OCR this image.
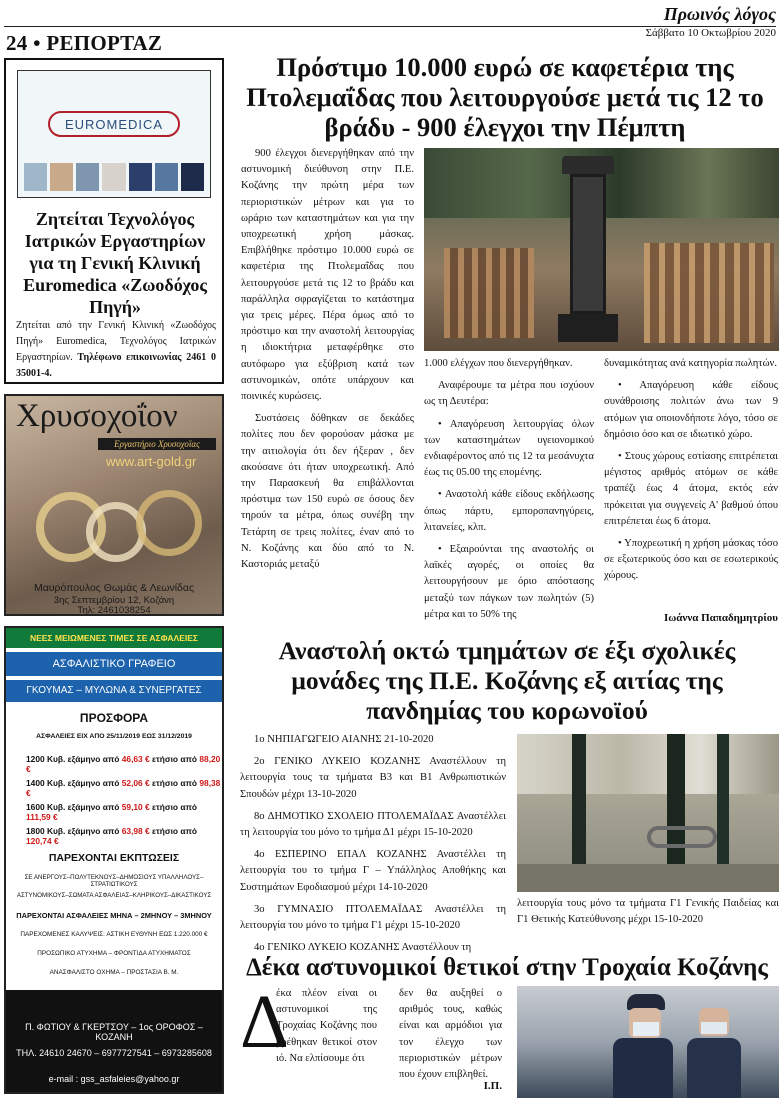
Πρωινός λόγος
Σάββατο 10 Οκτωβρίου 2020
24 • ΡΕΠΟΡΤΑΖ
EUROMEDICA
Ζητείται Τεχνολόγος Ιατρικών Εργαστηρίων για τη Γενική Κλινική Euromedica «Ζωοδόχος Πηγή»
Ζητείται από την Γενική Κλινική «Ζωοδόχος Πηγή» Euromedica, Τεχνολόγος Ιατρικών Εργαστηρίων. Τηλέφωνο επικοινωνίας 2461 0 35001-4.
Χρυσοχοΐον
Εργαστήριο Χρυσοχοΐας
www.art-gold.gr
Μαυρόπουλος Θωμάς & Λεωνίδας
3ης Σεπτεμβρίου 12, Κοζάνη
Τηλ: 2461038254
ΝΕΕΣ ΜΕΙΩΜΕΝΕΣ ΤΙΜΕΣ ΣΕ ΑΣΦΑΛΕΙΕΣ
ΑΣΦΑΛΙΣΤΙΚΟ ΓΡΑΦΕΙΟ
ΓΚΟΥΜΑΣ – ΜΥΛΩΝΑ & ΣΥΝΕΡΓΑΤΕΣ
ΠΡΟΣΦΟΡΑ
ΑΣΦΑΛΕΙΕΣ ΕΙΧ ΑΠΟ 25/11/2019 ΕΩΣ 31/12/2019
1200 Κυβ. εξάμηνο από 46,63 € ετήσιο από 88,20 €
1400 Κυβ. εξάμηνο από 52,06 € ετήσιο από 98,38 €
1600 Κυβ. εξάμηνο από 59,10 € ετήσιο από 111,59 €
1800 Κυβ. εξάμηνο από 63,98 € ετήσιο από 120,74 €
ΠΑΡΕΧΟΝΤΑΙ ΕΚΠΤΩΣΕΙΣ
ΣΕ ΑΝΕΡΓΟΥΣ–ΠΟΛΥΤΕΚΝΟΥΣ–ΔΗΜΟΣΙΟΥΣ ΥΠΑΛΛΗΛΟΥΣ–ΣΤΡΑΤΙΩΤΙΚΟΥΣ
ΑΣΤΥΝΟΜΙΚΟΥΣ–ΣΩΜΑΤΑ ΑΣΦΑΛΕΙΑΣ–ΚΛΗΡΙΚΟΥΣ–ΔΙΚΑΣΤΙΚΟΥΣ
ΠΑΡΕΧΟΝΤΑΙ ΑΣΦΑΛΕΙΕΣ ΜΗΝΑ – 2ΜΗΝΟΥ – 3ΜΗΝΟΥ
ΠΑΡΕΧΟΜΕΝΕΣ ΚΑΛΥΨΕΙΣ: ΑΣΤΙΚΗ ΕΥΘΥΝΗ ΕΩΣ 1.220.000 €
ΠΡΟΣΩΠΙΚΟ ΑΤΥΧΗΜΑ – ΦΡΟΝΤΙΔΑ ΑΤΥΧΗΜΑΤΟΣ
ΑΝΑΣΦΑΛΙΣΤΟ ΟΧΗΜΑ – ΠΡΟΣΤΑΣΙΑ Β. Μ.
Π. ΦΩΤΙΟΥ & ΓΚΕΡΤΣΟΥ – 1ος ΟΡΟΦΟΣ – ΚΟΖΑΝΗ
ΤΗΛ. 24610 24670 – 6977727541 – 6973285608
e-mail : gss_asfaleies@yahoo.gr
Πρόστιμο 10.000 ευρώ σε καφετέρια της Πτολεμαΐδας που λειτουργούσε μετά τις 12 το βράδυ - 900 έλεγχοι την Πέμπτη

900 έλεγχοι διενεργήθηκαν από την αστυνομική διεύθυνση στην Π.Ε. Κοζάνης την πρώτη μέρα των περιοριστικών μέτρων και για το ωράριο των καταστημάτων και για την υποχρεωτική χρήση μάσκας. Επιβλήθηκε πρόστιμο 10.000 ευρώ σε καφετέρια της Πτολεμαΐδας που λειτουργούσε μετά τις 12 το βράδυ και παράλληλα σφραγίζεται το κατάστημα για τρεις μέρες. Πέρα όμως από το πρόστιμο και την αναστολή λειτουργίας η ιδιοκτήτρια μεταφέρθηκε στο αυτόφωρο για εξύβριση κατά των αστυνομικών, οπότε υπάρχουν και ποινικές κυρώσεις.

Συστάσεις δόθηκαν σε δεκάδες πολίτες που δεν φορούσαν μάσκα με την αιτιολογία ότι δεν ήξεραν , δεν ακούσανε ότι ήταν υποχρεωτική. Από την Παρασκευή θα επιβάλλονται πρόστιμα των 150 ευρώ σε όσους δεν τηρούν τα μέτρα, όπως συνέβη την Τετάρτη σε τρεις πολίτες, έναν από το Ν. Κοζάνης και δύο από το Ν. Καστοριάς μεταξύ

1.000 ελέγχων που διενεργήθηκαν.

Αναφέρουμε τα μέτρα που ισχύουν ως τη Δευτέρα:

• Απαγόρευση λειτουργίας όλων των καταστημάτων υγειονομικού ενδιαφέροντος από τις 12 τα μεσάνυχτα έως τις 05.00 της επομένης.

• Αναστολή κάθε είδους εκδήλωσης όπως πάρτυ, εμποροπανηγύρεις, λιτανείες, κλπ.

• Εξαιρούνται της αναστολής οι λαϊκές αγορές, οι οποίες θα λειτουργήσουν με όριο απόστασης μεταξύ των πάγκων των πωλητών (5) μέτρα και το 50% της

δυναμικότητας ανά κατηγορία πωλητών.

• Απαγόρευση κάθε είδους συνάθροισης πολιτών άνω των 9 ατόμων για οποιονδήποτε λόγο, τόσο σε δημόσιο όσο και σε ιδιωτικό χώρο.

• Στους χώρους εστίασης επιτρέπεται μέγιστος αριθμός ατόμων σε κάθε τραπέζι έως 4 άτομα, εκτός εάν πρόκειται για συγγενείς Α' βαθμού όπου επιτρέπεται έως 6 άτομα.

• Υποχρεωτική η χρήση μάσκας τόσο σε εξωτερικούς όσο και σε εσωτερικούς χώρους.

Ιωάννα Παπαδημητρίου
Αναστολή οκτώ τμημάτων σε έξι σχολικές μονάδες της Π.Ε. Κοζάνης εξ αιτίας της πανδημίας του κορωνοϊού

1ο ΝΗΠΙΑΓΩΓΕΙΟ ΑΙΑΝΗΣ 21-10-2020

2ο ΓΕΝΙΚΟ ΛΥΚΕΙΟ ΚΟΖΑΝΗΣ Αναστέλλουν τη λειτουργία τους τα τμήματα Β3 και Β1 Ανθρωπιστικών Σπουδών μέχρι 13-10-2020

8ο ΔΗΜΟΤΙΚΟ ΣΧΟΛΕΙΟ ΠΤΟΛΕΜΑΪΔΑΣ Αναστέλλει τη λειτουργία του μόνο το τμήμα Δ1 μέχρι 15-10-2020

4ο ΕΣΠΕΡΙΝΟ ΕΠΑΛ ΚΟΖΑΝΗΣ Αναστέλλει τη λειτουργία του το τμήμα Γ – Υπάλληλος Αποθήκης και Συστημάτων Εφοδιασμού μέχρι 14-10-2020

3ο ΓΥΜΝΑΣΙΟ ΠΤΟΛΕΜΑΪΔΑΣ Αναστέλλει τη λειτουργία του μόνο το τμήμα Γ1 μέχρι 15-10-2020

4ο ΓΕΝΙΚΟ ΛΥΚΕΙΟ ΚΟΖΑΝΗΣ Αναστέλλουν τη

λειτουργία τους μόνο τα τμήματα Γ1 Γενικής Παιδείας και Γ1 Θετικής Κατεύθυνσης μέχρι 15-10-2020
Δέκα αστυνομικοί θετικοί στην Τροχαία Κοζάνης
Δ
έκα πλέον είναι οι αστυνομικοί της Τροχαίας Κοζάνης που βρέθηκαν θετικοί στον ιό. Να ελπίσουμε ότι
δεν θα αυξηθεί ο αριθμός τους, καθώς είναι και αρμόδιοι για τον έλεγχο των περιοριστικών μέτρων που έχουν επιβληθεί.
Ι.Π.
